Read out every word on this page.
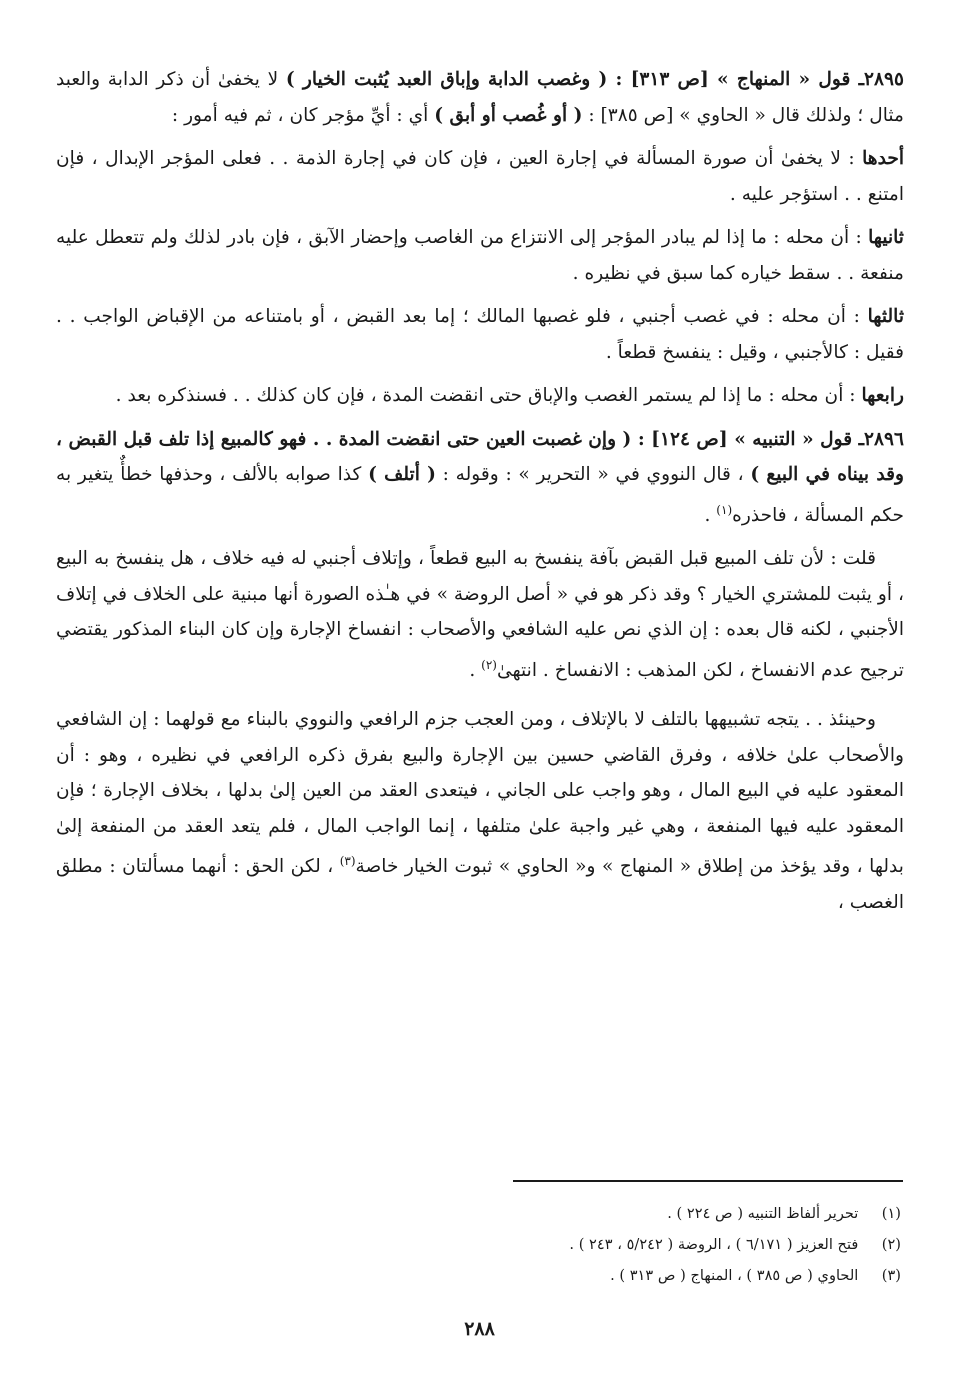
٢٨٩٥ـ قول « المنهاج » [ص ٣١٣] : ( وغصب الدابة وإباق العبد يُثبت الخيار ) لا يخفىٰ أن ذكر الدابة والعبد مثال ؛ ولذلك قال « الحاوي » [ص ٣٨٥] : ( أو غُصب أو أبق ) أي : أيِّ مؤجر كان ، ثم فيه أمور :

أحدها : لا يخفىٰ أن صورة المسألة في إجارة العين ، فإن كان في إجارة الذمة . . فعلى المؤجر الإبدال ، فإن امتنع . . استؤجر عليه .

ثانيها : أن محله : ما إذا لم يبادر المؤجر إلى الانتزاع من الغاصب وإحضار الآبق ، فإن بادر لذلك ولم تتعطل عليه منفعة . . سقط خياره كما سبق في نظيره .

ثالثها : أن محله : في غصب أجنبي ، فلو غصبها المالك ؛ إما بعد القبض ، أو بامتناعه من الإقباض الواجب . . فقيل : كالأجنبي ، وقيل : ينفسخ قطعاً .

رابعها : أن محله : ما إذا لم يستمر الغصب والإباق حتى انقضت المدة ، فإن كان كذلك . . فسنذكره بعد .

٢٨٩٦ـ قول « التنبيه » [ص ١٢٤] : ( وإن غصبت العين حتى انقضت المدة . . فهو كالمبيع إذا تلف قبل القبض ، وقد بيناه في البيع ) ، قال النووي في « التحرير » : وقوله : ( أتلف ) كذا صوابه بالألف ، وحذفها خطأٌ يتغير به حكم المسألة ، فاحذره$^{(١)}$ .

قلت : لأن تلف المبيع قبل القبض بآفة ينفسخ به البيع قطعاً ، وإتلاف أجنبي له فيه خلاف ، هل ينفسخ به البيع ، أو يثبت للمشتري الخيار ؟ وقد ذكر هو في « أصل الروضة » في هـٰذه الصورة أنها مبنية على الخلاف في إتلاف الأجنبي ، لكنه قال بعده : إن الذي نص عليه الشافعي والأصحاب : انفساخ الإجارة وإن كان البناء المذكور يقتضي ترجيح عدم الانفساخ ، لكن المذهب : الانفساخ . انتهىٰ$^{(٢)}$ .

وحينئذ . . يتجه تشبيهها بالتلف لا بالإتلاف ، ومن العجب جزم الرافعي والنووي بالبناء مع قولهما : إن الشافعي والأصحاب علىٰ خلافه ، وفرق القاضي حسين بين الإجارة والبيع بفرق ذكره الرافعي في نظيره ، وهو : أن المعقود عليه في البيع المال ، وهو واجب على الجاني ، فيتعدى العقد من العين إلىٰ بدلها ، بخلاف الإجارة ؛ فإن المعقود عليه فيها المنفعة ، وهي غير واجبة علىٰ متلفها ، إنما الواجب المال ، فلم يتعد العقد من المنفعة إلىٰ بدلها ، وقد يؤخذ من إطلاق « المنهاج » و« الحاوي » ثبوت الخيار خاصة$^{(٣)}$ ، لكن الحق : أنهما مسألتان : مطلق الغصب ،

(١) تحرير ألفاظ التنبيه ( ص ٢٢٤ ) .
(٢) فتح العزيز ( ٦/١٧١ ) ، الروضة ( ٥/٢٤٢ ، ٢٤٣ ) .
(٣) الحاوي ( ص ٣٨٥ ) ، المنهاج ( ص ٣١٣ ) .
٢٨٨
